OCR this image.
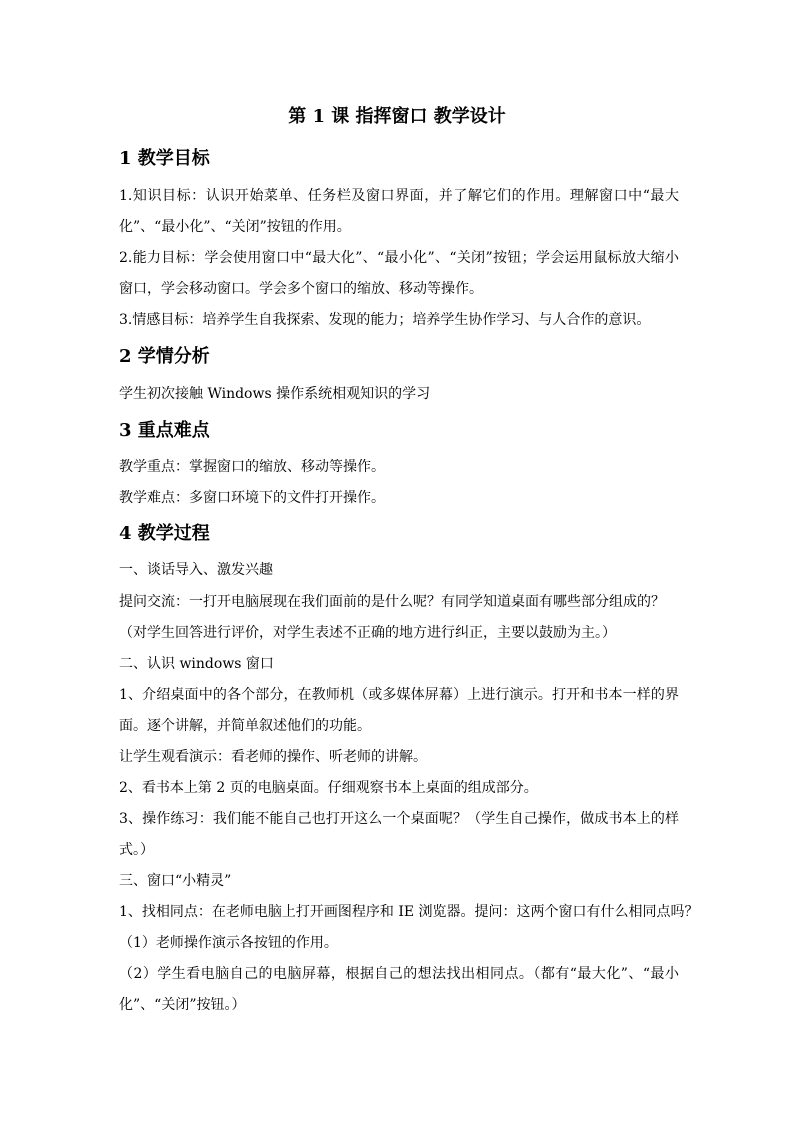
第 1 课 指挥窗口 教学设计
1 教学目标
1.知识目标：认识开始菜单、任务栏及窗口界面，并了解它们的作用。理解窗口中“最大化”、“最小化”、“关闭”按钮的作用。
2.能力目标：学会使用窗口中“最大化”、“最小化”、“关闭”按钮；学会运用鼠标放大缩小窗口，学会移动窗口。学会多个窗口的缩放、移动等操作。
3.情感目标：培养学生自我探索、发现的能力；培养学生协作学习、与人合作的意识。
2 学情分析
学生初次接触 Windows 操作系统相观知识的学习
3 重点难点
教学重点：掌握窗口的缩放、移动等操作。
教学难点：多窗口环境下的文件打开操作。
4 教学过程
一、谈话导入、激发兴趣
提问交流：一打开电脑展现在我们面前的是什么呢？有同学知道桌面有哪些部分组成的？
（对学生回答进行评价，对学生表述不正确的地方进行纠正，主要以鼓励为主。）
二、认识 windows 窗口
1、介绍桌面中的各个部分，在教师机（或多媒体屏幕）上进行演示。打开和书本一样的界面。逐个讲解，并简单叙述他们的功能。
让学生观看演示：看老师的操作、听老师的讲解。
2、看书本上第 2 页的电脑桌面。仔细观察书本上桌面的组成部分。
3、操作练习：我们能不能自己也打开这么一个桌面呢？（学生自己操作，做成书本上的样式。）
三、窗口“小精灵”
1、找相同点：在老师电脑上打开画图程序和 IE 浏览器。提问：这两个窗口有什么相同点吗？
（1）老师操作演示各按钮的作用。
（2）学生看电脑自己的电脑屏幕，根据自己的想法找出相同点。（都有“最大化”、“最小化”、“关闭”按钮。）
